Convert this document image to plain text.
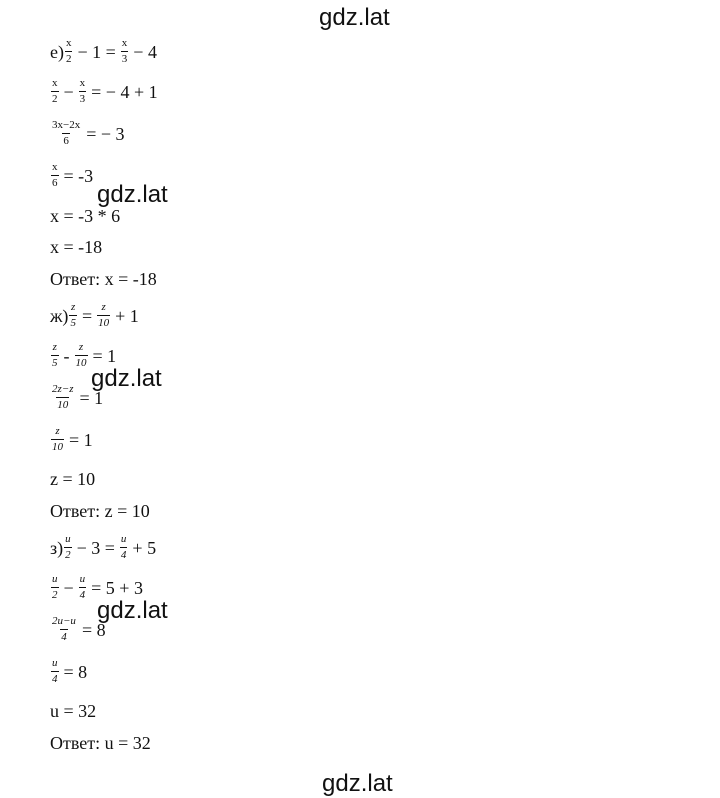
gdz.lat
gdz.lat
gdz.lat
gdz.lat
gdz.lat
$е) \frac{x}{2} - 1 = \frac{x}{3} - 4$
$\frac{x}{2} - \frac{x}{3}$ = − 4 + 1
$\frac{3x-2x}{6}$ = − 3
$\frac{x}{6} = -3$
x = -3 * 6
x = -18
Ответ: x = -18
$ж) \frac{z}{5} = \frac{z}{10} + 1$
$\frac{z}{5} - \frac{z}{10} = 1$
$\frac{2z-z}{10} = 1$
$\frac{z}{10} = 1$
z = 10
Ответ: z = 10
$з) \frac{u}{2} - 3 = \frac{u}{4} + 5$
$\frac{u}{2} - \frac{u}{4} = 5 + 3$
$\frac{2u-u}{4} = 8$
$\frac{u}{4} = 8$
u = 32
Ответ: u = 32
